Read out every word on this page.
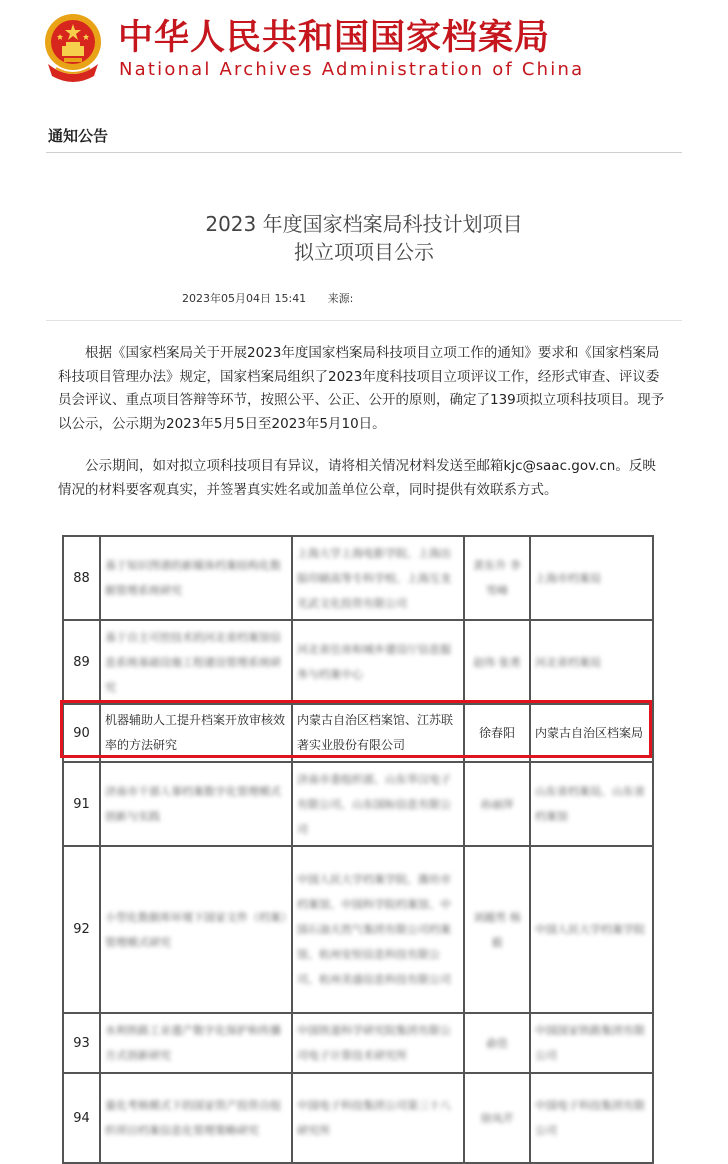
中华人民共和国国家档案局
National Archives Administration of China
通知公告
2023 年度国家档案局科技计划项目
拟立项项目公示
2023年05月04日 15:41 来源:

根据《国家档案局关于开展2023年度国家档案局科技项目立项工作的通知》要求和《国家档案局科技项目管理办法》规定，国家档案局组织了2023年度科技项目立项评议工作，经形式审查、评议委员会评议、重点项目答辩等环节，按照公平、公正、公开的原则，确定了139项拟立项科技项目。现予以公示，公示期为2023年5月5日至2023年5月10日。

公示期间，如对拟立项科技项目有异议，请将相关情况材料发送至邮箱kjc@saac.gov.cn。反映情况的材料要客观真实，并签署真实姓名或加盖单位公章，同时提供有效联系方式。

88	基于知识图谱的新媒体档案结构化数据管理系统研究	上海大学上海电影学院、上海出版印刷高等专科学校、上海互龙光武文化投资有限公司	黄东升 李雪峰	上海市档案局
89	基于自主可控技术的河北省档案馆信息系统基础设施工程建设管理系统研究	河北省住房和城乡建设厅信息服务与档案中心	赵伟 张勇	河北省档案局
90	机器辅助人工提升档案开放审核效率的方法研究	内蒙古自治区档案馆、江苏联著实业股份有限公司	徐春阳	内蒙古自治区档案局
91	济南市干部人事档案数字化管理模式创新与实践	济南市委组织部、山东华汉电子有限公司、山东国标信息有限公司	孙丽萍	山东省档案局、山东省档案馆
92	小型化数据库环境下国家文件（档案）管理模式研究	中国人民大学档案学院、潍坊市档案馆、中国科学院档案馆、中国石油天然气集团有限公司档案馆、杭州安恒信息科技有限公司、杭州美盛信息科技有限公司	刘越男 杨毅	中国人民大学档案学院
93	水利铁路工业遗产数字化保护和传播方式创新研究	中国铁道科学研究院集团有限公司电子计算技术研究所	俞佳	中国国家铁路集团有限公司
94	量化考核模式下的国家资产投资自组织项目档案信息化管理策略研究	中国电子科技集团公司第三十八研究所	徐凤芹	中国电子科技集团有限公司
